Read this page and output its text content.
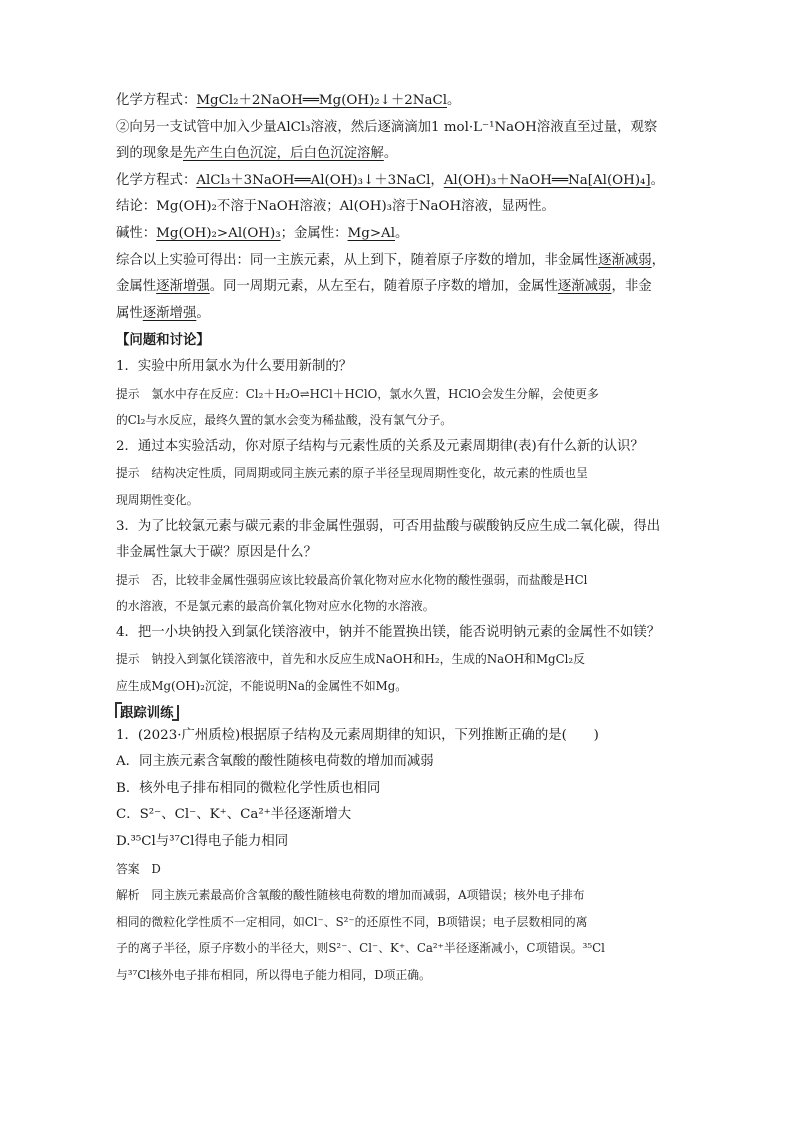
化学方程式：MgCl₂＋2NaOH══Mg(OH)₂↓＋2NaCl。
②向另一支试管中加入少量AlCl₃溶液，然后逐滴滴加1 mol·L⁻¹NaOH溶液直至过量，观察
到的现象是先产生白色沉淀，后白色沉淀溶解。
化学方程式：AlCl₃＋3NaOH══Al(OH)₃↓＋3NaCl，Al(OH)₃＋NaOH══Na[Al(OH)₄]。
结论：Mg(OH)₂不溶于NaOH溶液；Al(OH)₃溶于NaOH溶液，显两性。
碱性：Mg(OH)₂>Al(OH)₃；金属性：Mg>Al。
综合以上实验可得出：同一主族元素，从上到下，随着原子序数的增加，非金属性逐渐减弱，
金属性逐渐增强。同一周期元素，从左至右，随着原子序数的增加，金属性逐渐减弱，非金
属性逐渐增强。
【问题和讨论】
1．实验中所用氯水为什么要用新制的？
提示　氯水中存在反应：Cl₂＋H₂O⇌HCl＋HClO，氯水久置，HClO会发生分解，会使更多
的Cl₂与水反应，最终久置的氯水会变为稀盐酸，没有氯气分子。
2．通过本实验活动，你对原子结构与元素性质的关系及元素周期律(表)有什么新的认识？
提示　结构决定性质，同周期或同主族元素的原子半径呈现周期性变化，故元素的性质也呈
现周期性变化。
3．为了比较氯元素与碳元素的非金属性强弱，可否用盐酸与碳酸钠反应生成二氧化碳，得出
非金属性氯大于碳？原因是什么？
提示　否，比较非金属性强弱应该比较最高价氧化物对应水化物的酸性强弱，而盐酸是HCl
的水溶液，不是氯元素的最高价氧化物对应水化物的水溶液。
4．把一小块钠投入到氯化镁溶液中，钠并不能置换出镁，能否说明钠元素的金属性不如镁？
提示　钠投入到氯化镁溶液中，首先和水反应生成NaOH和H₂，生成的NaOH和MgCl₂反
应生成Mg(OH)₂沉淀，不能说明Na的金属性不如Mg。
跟踪训练
1．(2023·广州质检)根据原子结构及元素周期律的知识，下列推断正确的是(　　)
A．同主族元素含氧酸的酸性随核电荷数的增加而减弱
B．核外电子排布相同的微粒化学性质也相同
C．S²⁻、Cl⁻、K⁺、Ca²⁺半径逐渐增大
D.³⁵Cl与³⁷Cl得电子能力相同
答案　D
解析　同主族元素最高价含氧酸的酸性随核电荷数的增加而减弱，A项错误；核外电子排布
相同的微粒化学性质不一定相同，如Cl⁻、S²⁻的还原性不同，B项错误；电子层数相同的离
子的离子半径，原子序数小的半径大，则S²⁻、Cl⁻、K⁺、Ca²⁺半径逐渐减小，C项错误。³⁵Cl
与³⁷Cl核外电子排布相同，所以得电子能力相同，D项正确。
